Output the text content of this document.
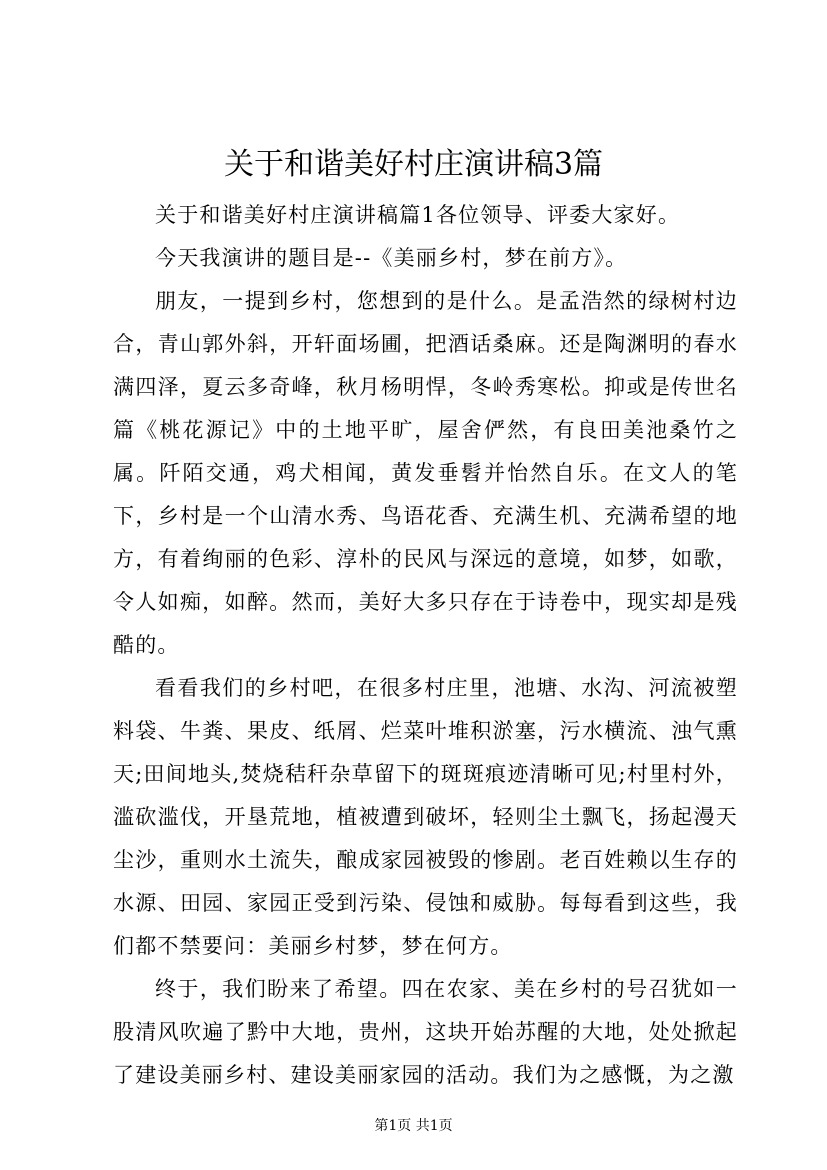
关于和谐美好村庄演讲稿3篇

关于和谐美好村庄演讲稿篇1各位领导、评委大家好。

今天我演讲的题目是--《美丽乡村，梦在前方》。

朋友，一提到乡村，您想到的是什么。是孟浩然的绿树村边合，青山郭外斜，开轩面场圃，把酒话桑麻。还是陶渊明的春水满四泽，夏云多奇峰，秋月杨明悍，冬岭秀寒松。抑或是传世名篇《桃花源记》中的土地平旷，屋舍俨然，有良田美池桑竹之属。阡陌交通，鸡犬相闻，黄发垂髫并怡然自乐。在文人的笔下，乡村是一个山清水秀、鸟语花香、充满生机、充满希望的地方，有着绚丽的色彩、淳朴的民风与深远的意境，如梦，如歌，令人如痴，如醉。然而，美好大多只存在于诗卷中，现实却是残酷的。

看看我们的乡村吧，在很多村庄里，池塘、水沟、河流被塑料袋、牛粪、果皮、纸屑、烂菜叶堆积淤塞，污水横流、浊气熏天;田间地头,焚烧秸秆杂草留下的斑斑痕迹清晰可见;村里村外，滥砍滥伐，开垦荒地，植被遭到破坏，轻则尘土飘飞，扬起漫天尘沙，重则水土流失，酿成家园被毁的惨剧。老百姓赖以生存的水源、田园、家园正受到污染、侵蚀和威胁。每每看到这些，我们都不禁要问：美丽乡村梦，梦在何方。

终于，我们盼来了希望。四在农家、美在乡村的号召犹如一股清风吹遍了黔中大地，贵州，这块开始苏醒的大地，处处掀起了建设美丽乡村、建设美丽家园的活动。我们为之感慨，为之激

第1页 共1页
